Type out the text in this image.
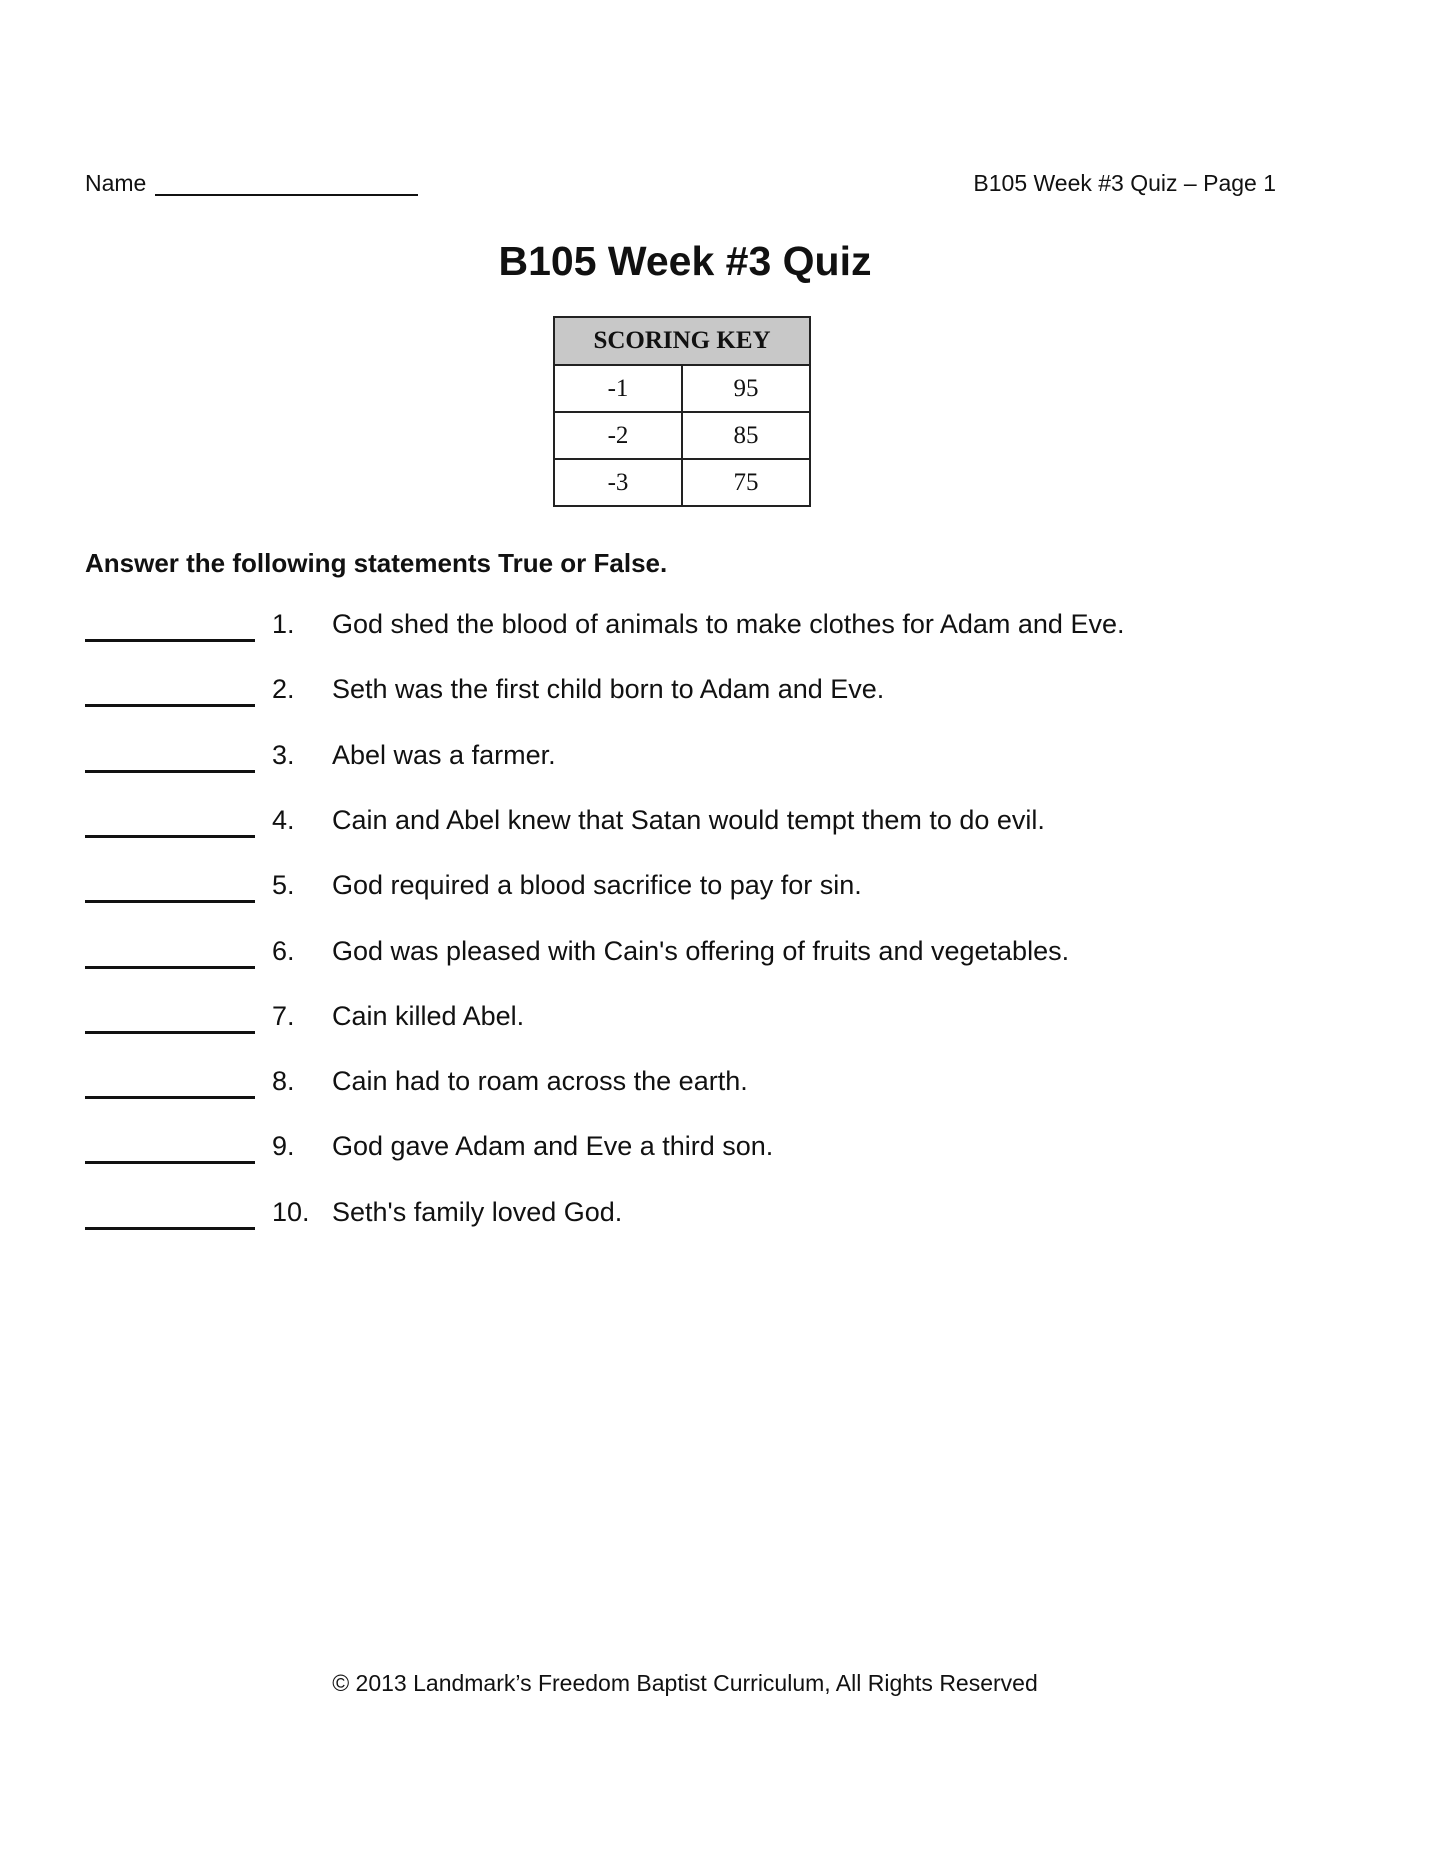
Name	B105 Week #3 Quiz – Page 1
B105 Week #3 Quiz
SCORING KEY	
-1	95
-2	85
-3	75
Answer the following statements True or False.
1. God shed the blood of animals to make clothes for Adam and Eve.
2. Seth was the first child born to Adam and Eve.
3. Abel was a farmer.
4. Cain and Abel knew that Satan would tempt them to do evil.
5. God required a blood sacrifice to pay for sin.
6. God was pleased with Cain's offering of fruits and vegetables.
7. Cain killed Abel.
8. Cain had to roam across the earth.
9. God gave Adam and Eve a third son.
10. Seth's family loved God.
© 2013 Landmark’s Freedom Baptist Curriculum, All Rights Reserved
